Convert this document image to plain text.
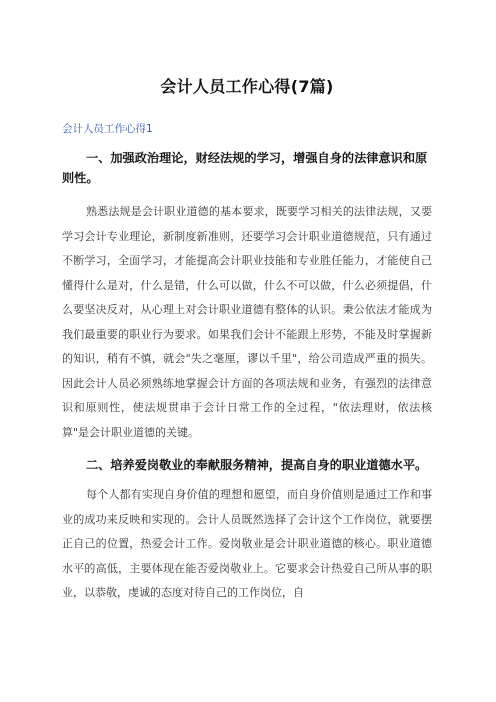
会计人员工作心得(7篇)
会计人员工作心得1
一、加强政治理论，财经法规的学习，增强自身的法律意识和原则性。

熟悉法规是会计职业道德的基本要求，既要学习相关的法律法规，又要学习会计专业理论，新制度新准则，还要学习会计职业道德规范，只有通过不断学习，全面学习，才能提高会计职业技能和专业胜任能力，才能使自己懂得什么是对，什么是错，什么可以做，什么不可以做，什么必须提倡，什么要坚决反对，从心理上对会计职业道德有整体的认识。秉公依法才能成为我们最重要的职业行为要求。如果我们会计不能跟上形势，不能及时掌握新的知识，稍有不慎，就会"失之毫厘，谬以千里"，给公司造成严重的损失。因此会计人员必须熟练地掌握会计方面的各项法规和业务，有强烈的法律意识和原则性，使法规贯串于会计日常工作的全过程，"依法理财，依法核算"是会计职业道德的关键。

二、培养爱岗敬业的奉献服务精神，提高自身的职业道德水平。

每个人都有实现自身价值的理想和愿望，而自身价值则是通过工作和事业的成功来反映和实现的。会计人员既然选择了会计这个工作岗位，就要摆正自己的位置，热爱会计工作。爱岗敬业是会计职业道德的核心。职业道德水平的高低，主要体现在能否爱岗敬业上。它要求会计热爱自己所从事的职业，以恭敬，虔诚的态度对待自己的工作岗位，自
